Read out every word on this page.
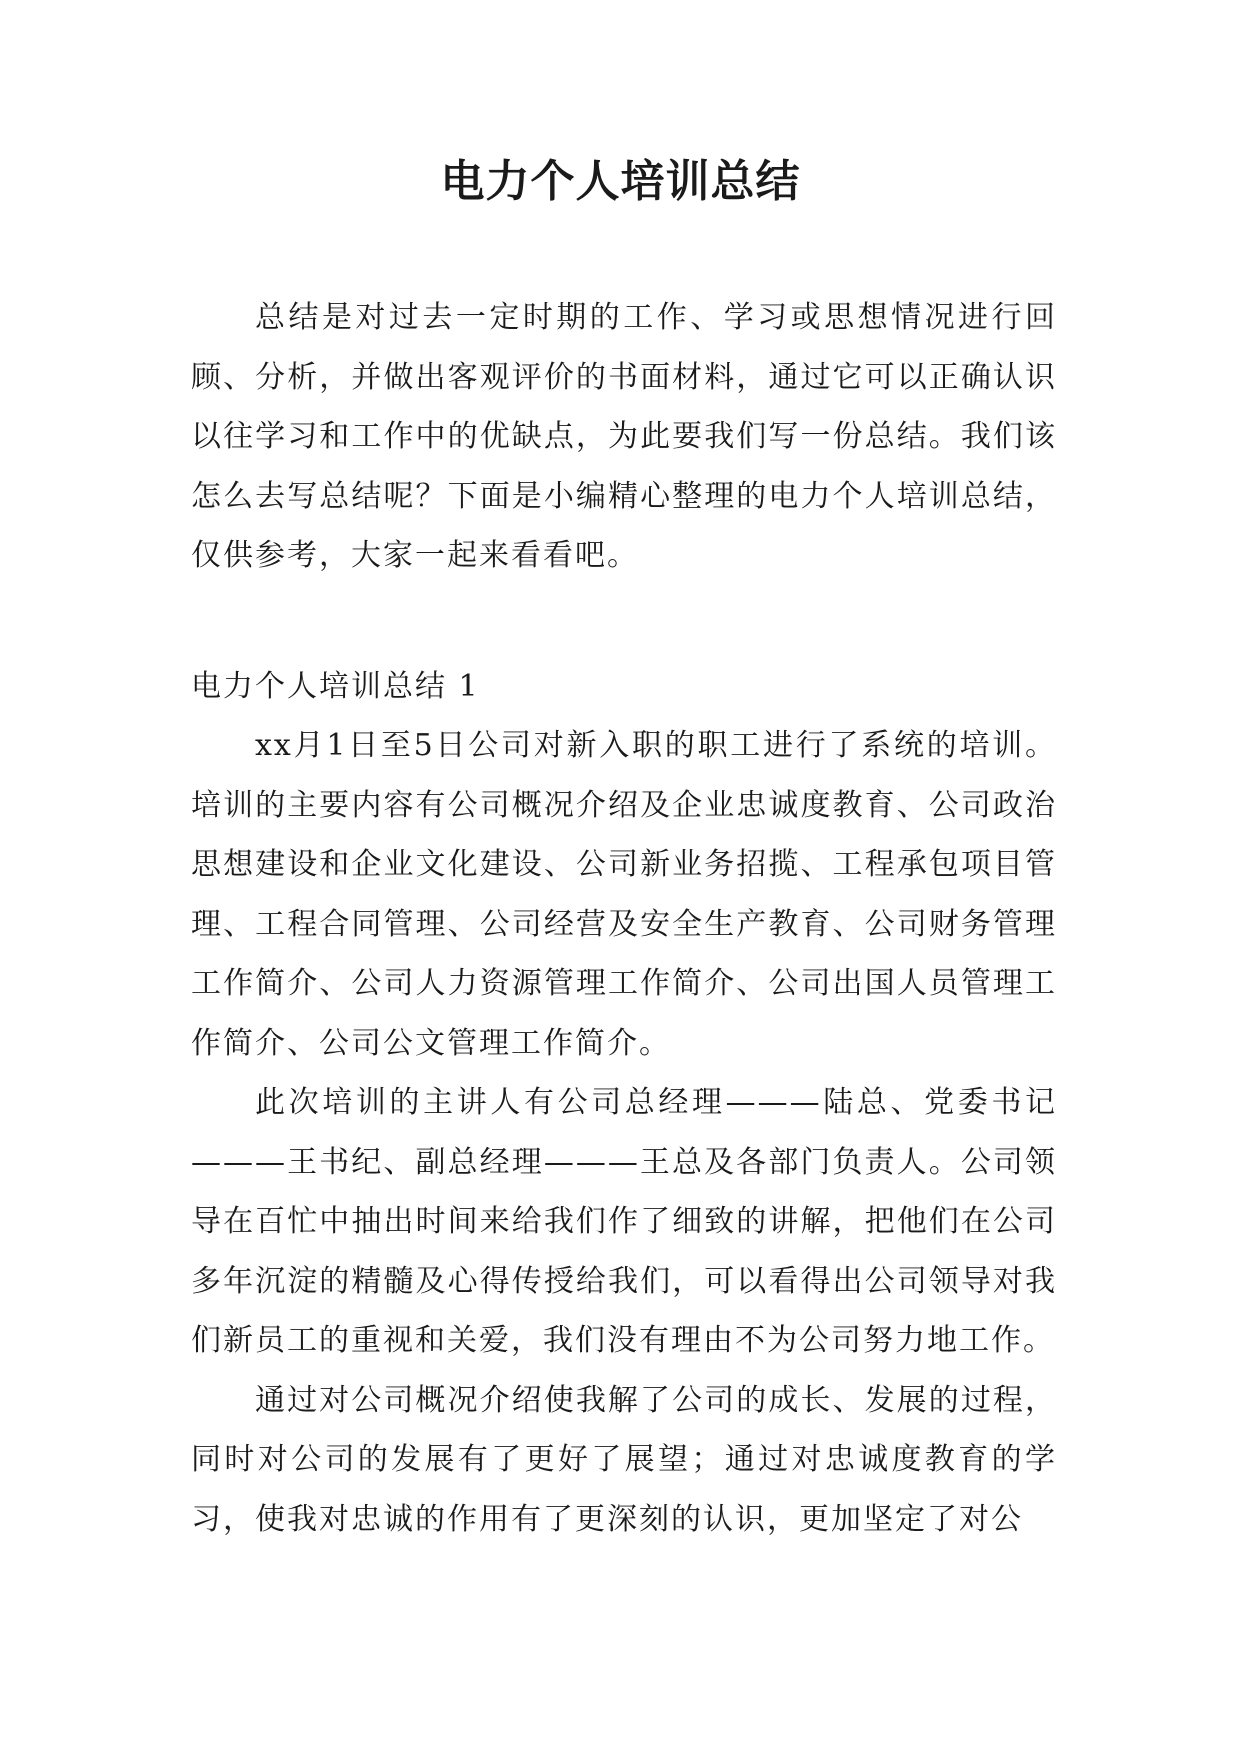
电力个人培训总结

总结是对过去一定时期的工作、学习或思想情况进行回顾、分析，并做出客观评价的书面材料，通过它可以正确认识以往学习和工作中的优缺点，为此要我们写一份总结。我们该怎么去写总结呢？下面是小编精心整理的电力个人培训总结，仅供参考，大家一起来看看吧。

电力个人培训总结 1

xx月1日至5日公司对新入职的职工进行了系统的培训。培训的主要内容有公司概况介绍及企业忠诚度教育、公司政治思想建设和企业文化建设、公司新业务招揽、工程承包项目管理、工程合同管理、公司经营及安全生产教育、公司财务管理工作简介、公司人力资源管理工作简介、公司出国人员管理工作简介、公司公文管理工作简介。

此次培训的主讲人有公司总经理———陆总、党委书记———王书纪、副总经理———王总及各部门负责人。公司领导在百忙中抽出时间来给我们作了细致的讲解，把他们在公司多年沉淀的精髓及心得传授给我们，可以看得出公司领导对我们新员工的重视和关爱，我们没有理由不为公司努力地工作。

通过对公司概况介绍使我解了公司的成长、发展的过程，同时对公司的发展有了更好了展望；通过对忠诚度教育的学习，使我对忠诚的作用有了更深刻的认识，更加坚定了对公
